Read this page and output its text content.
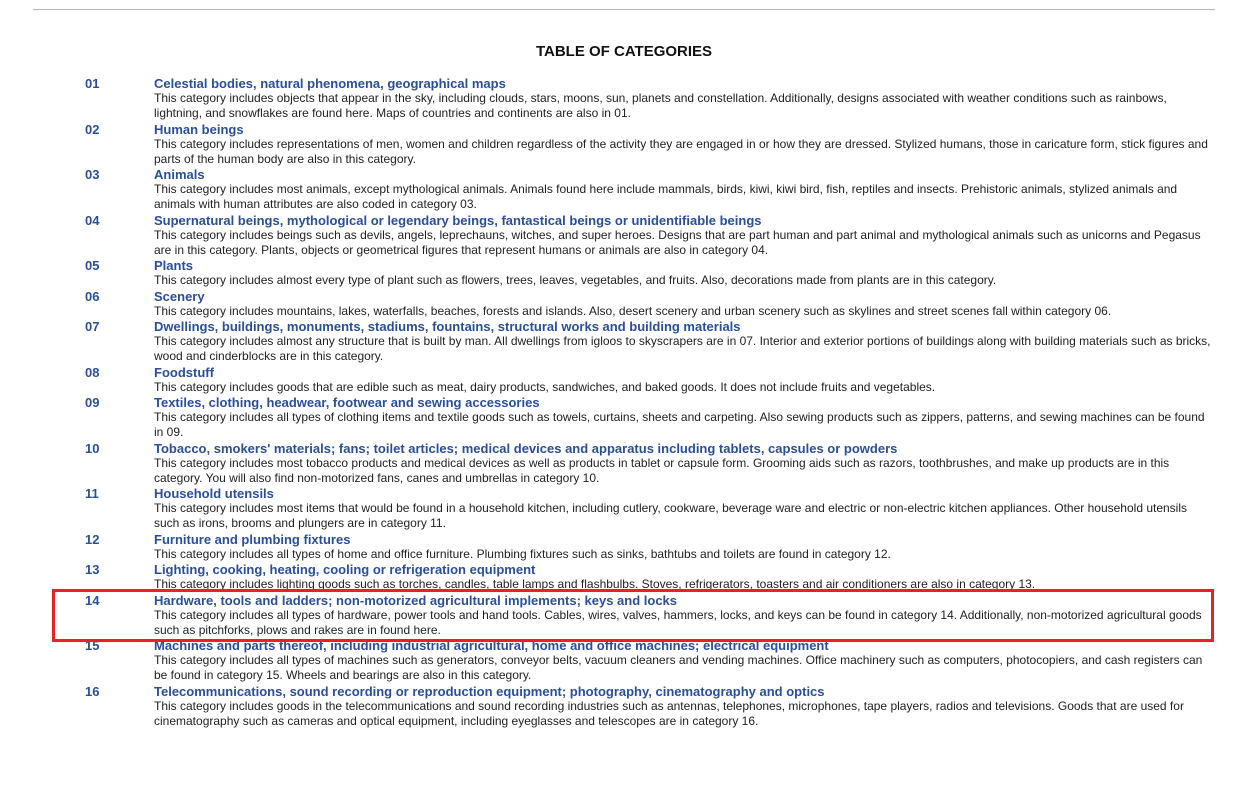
TABLE OF CATEGORIES
01	Celestial bodies, natural phenomena, geographical maps

This category includes objects that appear in the sky, including clouds, stars, moons, sun, planets and constellation. Additionally, designs associated with weather conditions such as rainbows, lightning, and snowflakes are found here. Maps of countries and continents are also in 01.

02	Human beings

This category includes representations of men, women and children regardless of the activity they are engaged in or how they are dressed. Stylized humans, those in caricature form, stick figures and parts of the human body are also in this category.

03	Animals

This category includes most animals, except mythological animals. Animals found here include mammals, birds, kiwi, kiwi bird, fish, reptiles and insects. Prehistoric animals, stylized animals and animals with human attributes are also coded in category 03.

04	Supernatural beings, mythological or legendary beings, fantastical beings or unidentifiable beings

This category includes beings such as devils, angels, leprechauns, witches, and super heroes. Designs that are part human and part animal and mythological animals such as unicorns and Pegasus are in this category. Plants, objects or geometrical figures that represent humans or animals are also in category 04.

05	Plants

This category includes almost every type of plant such as flowers, trees, leaves, vegetables, and fruits. Also, decorations made from plants are in this category.

06	Scenery

This category includes mountains, lakes, waterfalls, beaches, forests and islands. Also, desert scenery and urban scenery such as skylines and street scenes fall within category 06.

07	Dwellings, buildings, monuments, stadiums, fountains, structural works and building materials

This category includes almost any structure that is built by man. All dwellings from igloos to skyscrapers are in 07. Interior and exterior portions of buildings along with building materials such as bricks, wood and cinderblocks are in this category.

08	Foodstuff

This category includes goods that are edible such as meat, dairy products, sandwiches, and baked goods. It does not include fruits and vegetables.

09	Textiles, clothing, headwear, footwear and sewing accessories

This category includes all types of clothing items and textile goods such as towels, curtains, sheets and carpeting. Also sewing products such as zippers, patterns, and sewing machines can be found in 09.

10	Tobacco, smokers' materials; fans; toilet articles; medical devices and apparatus including tablets, capsules or powders

This category includes most tobacco products and medical devices as well as products in tablet or capsule form. Grooming aids such as razors, toothbrushes, and make up products are in this category. You will also find non-motorized fans, canes and umbrellas in category 10.

11	Household utensils

This category includes most items that would be found in a household kitchen, including cutlery, cookware, beverage ware and electric or non-electric kitchen appliances. Other household utensils such as irons, brooms and plungers are in category 11.

12	Furniture and plumbing fixtures

This category includes all types of home and office furniture. Plumbing fixtures such as sinks, bathtubs and toilets are found in category 12.

13	Lighting, cooking, heating, cooling or refrigeration equipment

This category includes lighting goods such as torches, candles, table lamps and flashbulbs. Stoves, refrigerators, toasters and air conditioners are also in category 13.

14	Hardware, tools and ladders; non-motorized agricultural implements; keys and locks

This category includes all types of hardware, power tools and hand tools. Cables, wires, valves, hammers, locks, and keys can be found in category 14. Additionally, non-motorized agricultural goods such as pitchforks, plows and rakes are in found here.

15	Machines and parts thereof, including industrial agricultural, home and office machines; electrical equipment

This category includes all types of machines such as generators, conveyor belts, vacuum cleaners and vending machines. Office machinery such as computers, photocopiers, and cash registers can be found in category 15. Wheels and bearings are also in this category.

16	Telecommunications, sound recording or reproduction equipment; photography, cinematography and optics

This category includes goods in the telecommunications and sound recording industries such as antennas, telephones, microphones, tape players, radios and televisions. Goods that are used for cinematography such as cameras and optical equipment, including eyeglasses and telescopes are in category 16.
